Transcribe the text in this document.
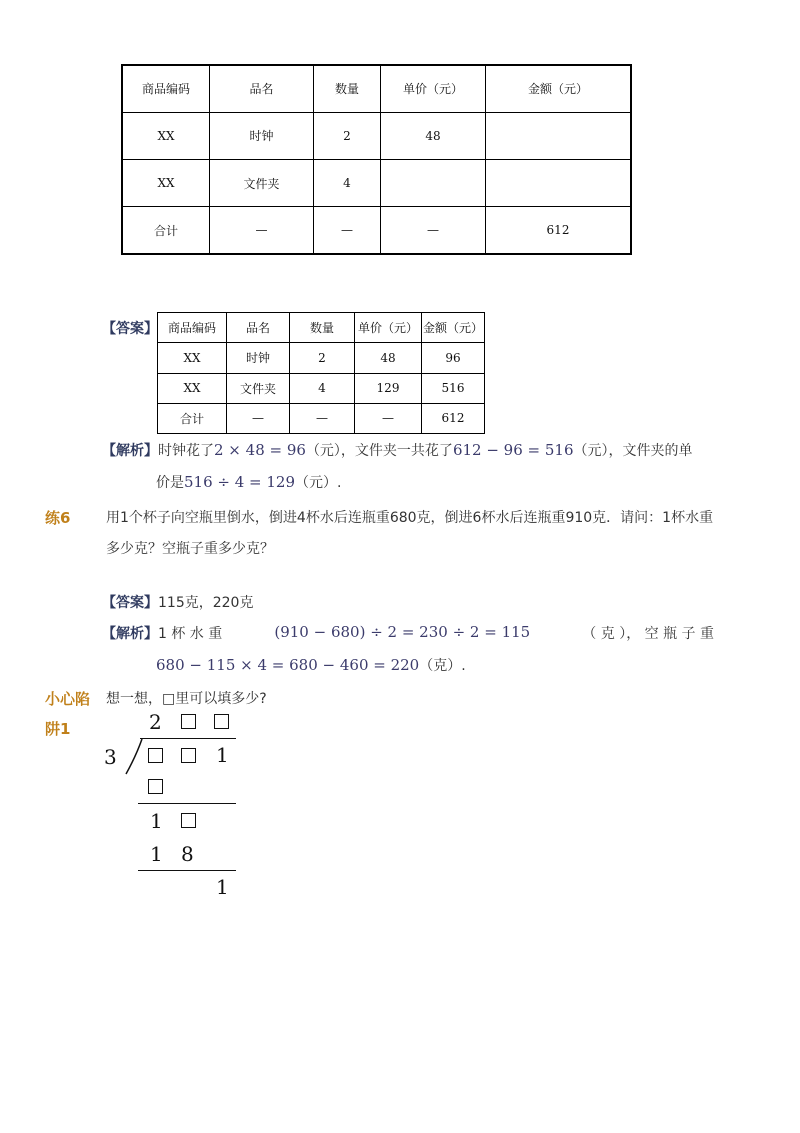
商品编码	品名	数量	单价（元）	金额（元）
XX	时钟	2	48	
XX	文件夹	4		
合计	—	—	—	612
【答案】 商品编码	品名	数量	单价（元）	金额（元）
XX	时钟	2	48	96
XX	文件夹	4	129	516
合计	—	—	—	612
【解析】时钟花了2 × 48 = 96（元），文件夹一共花了612 − 96 = 516（元），文件夹的单
价是516 ÷ 4 = 129（元）.
练6	用1个杯子向空瓶里倒水，倒进4杯水后连瓶重680克，倒进6杯水后连瓶重910克．请问：1杯水重
多少克？空瓶子重多少克？
【答案】115克，220克
【解析】1 杯 水 重	(910 − 680) ÷ 2 = 230 ÷ 2 = 115	（ 克 ）， 空 瓶 子 重
680 − 115 × 4 = 680 − 460 = 220（克）.
小心陷
阱1
想一想，□里可以填多少?
2
3	1
1
1 8
1
